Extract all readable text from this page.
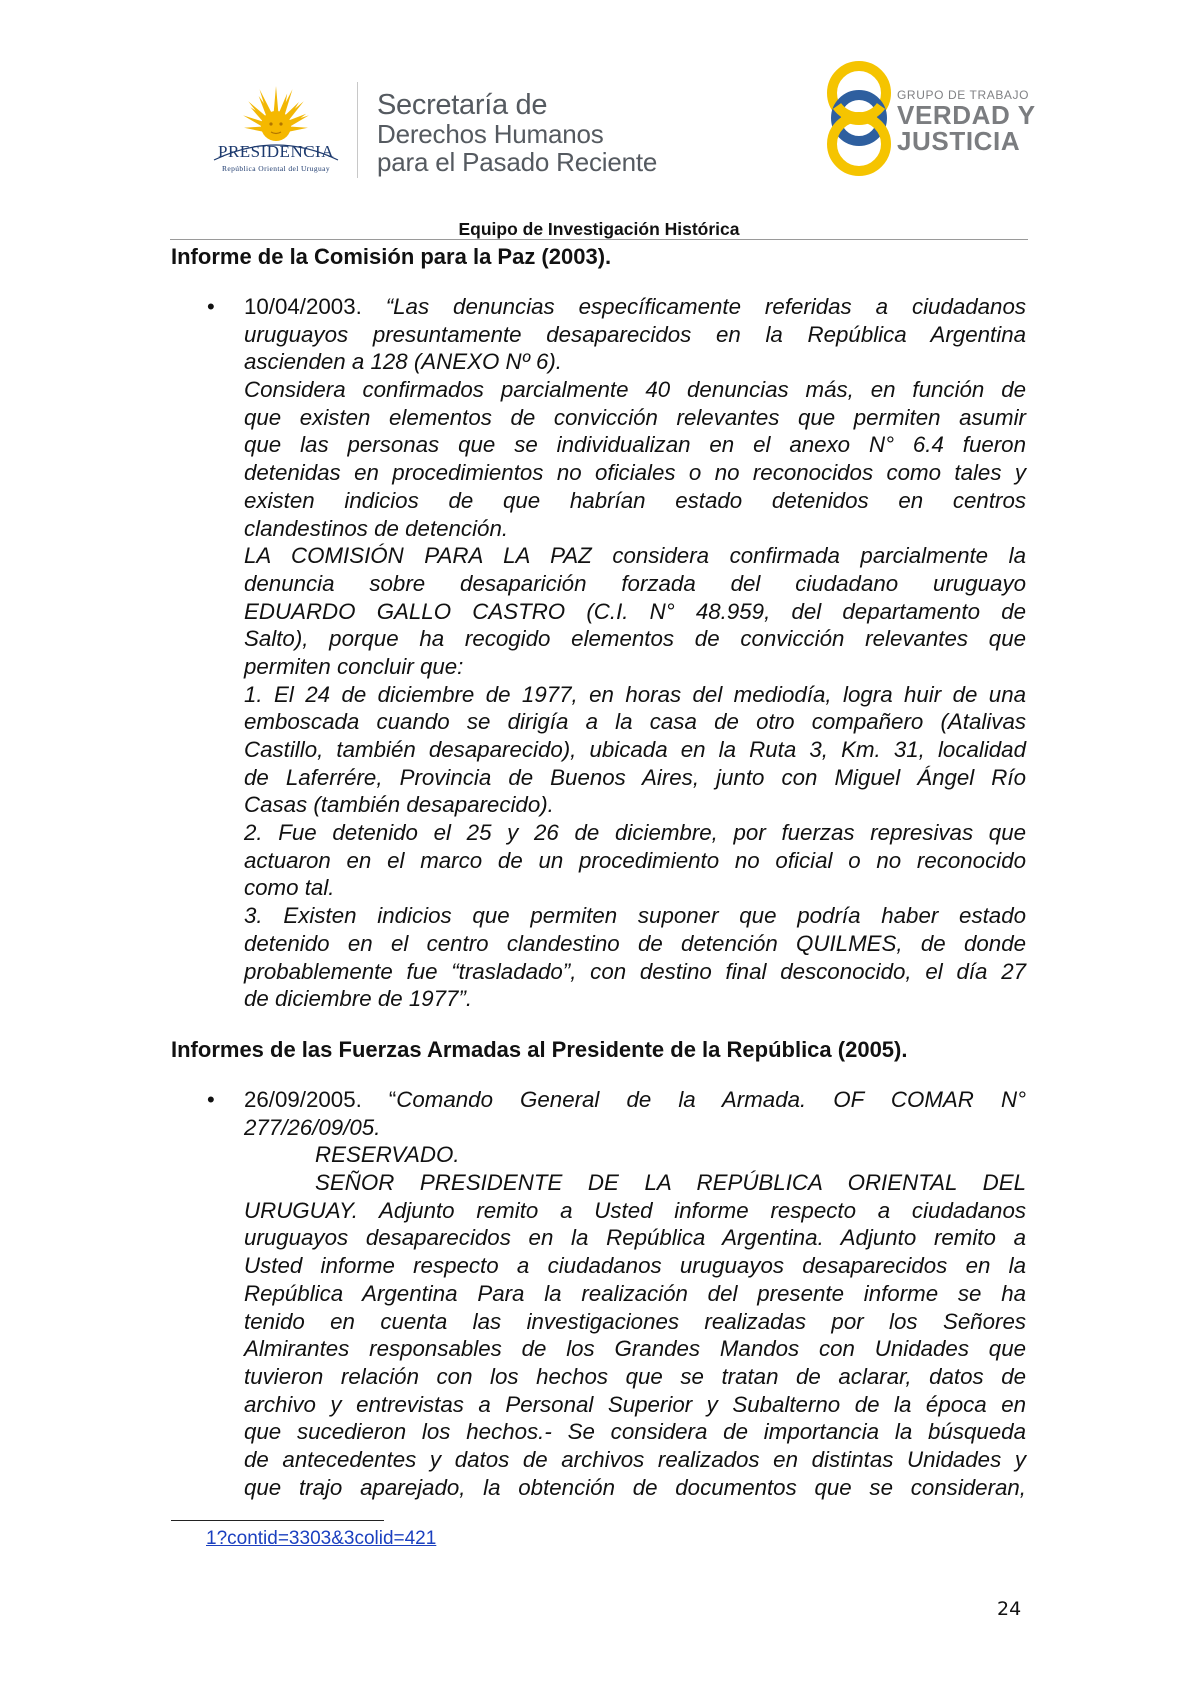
PRESIDENCIA
República Oriental del Uruguay
Secretaría de
Derechos Humanos
para el Pasado Reciente
GRUPO DE TRABAJO
VERDAD Y
JUSTICIA
Equipo de Investigación Histórica
Informe de la Comisión para la Paz (2003).
• 10/04/2003. “Las denuncias específicamente referidas a ciudadanos
uruguayos presuntamente desaparecidos en la República Argentina
ascienden a 128 (ANEXO Nº 6).
Considera confirmados parcialmente 40 denuncias más, en función de
que existen elementos de convicción relevantes que permiten asumir
que las personas que se individualizan en el anexo N° 6.4 fueron
detenidas en procedimientos no oficiales o no reconocidos como tales y
existen indicios de que habrían estado detenidos en centros
clandestinos de detención.
LA COMISIÓN PARA LA PAZ considera confirmada parcialmente la
denuncia sobre desaparición forzada del ciudadano uruguayo
EDUARDO GALLO CASTRO (C.I. N° 48.959, del departamento de
Salto), porque ha recogido elementos de convicción relevantes que
permiten concluir que:
1. El 24 de diciembre de 1977, en horas del mediodía, logra huir de una
emboscada cuando se dirigía a la casa de otro compañero (Atalivas
Castillo, también desaparecido), ubicada en la Ruta 3, Km. 31, localidad
de Laferrére, Provincia de Buenos Aires, junto con Miguel Ángel Río
Casas (también desaparecido).
2. Fue detenido el 25 y 26 de diciembre, por fuerzas represivas que
actuaron en el marco de un procedimiento no oficial o no reconocido
como tal.
3. Existen indicios que permiten suponer que podría haber estado
detenido en el centro clandestino de detención QUILMES, de donde
probablemente fue “trasladado”, con destino final desconocido, el día 27
de diciembre de 1977”.
Informes de las Fuerzas Armadas al Presidente de la República (2005).
• 26/09/2005. “Comando General de la Armada. OF COMAR N°
277/26/09/05.
RESERVADO.
SEÑOR PRESIDENTE DE LA REPÚBLICA ORIENTAL DEL
URUGUAY. Adjunto remito a Usted informe respecto a ciudadanos
uruguayos desaparecidos en la República Argentina. Adjunto remito a
Usted informe respecto a ciudadanos uruguayos desaparecidos en la
República Argentina Para la realización del presente informe se ha
tenido en cuenta las investigaciones realizadas por los Señores
Almirantes responsables de los Grandes Mandos con Unidades que
tuvieron relación con los hechos que se tratan de aclarar, datos de
archivo y entrevistas a Personal Superior y Subalterno de la época en
que sucedieron los hechos.- Se considera de importancia la búsqueda
de antecedentes y datos de archivos realizados en distintas Unidades y
que trajo aparejado, la obtención de documentos que se consideran,
1?contid=3303&3colid=421
24
